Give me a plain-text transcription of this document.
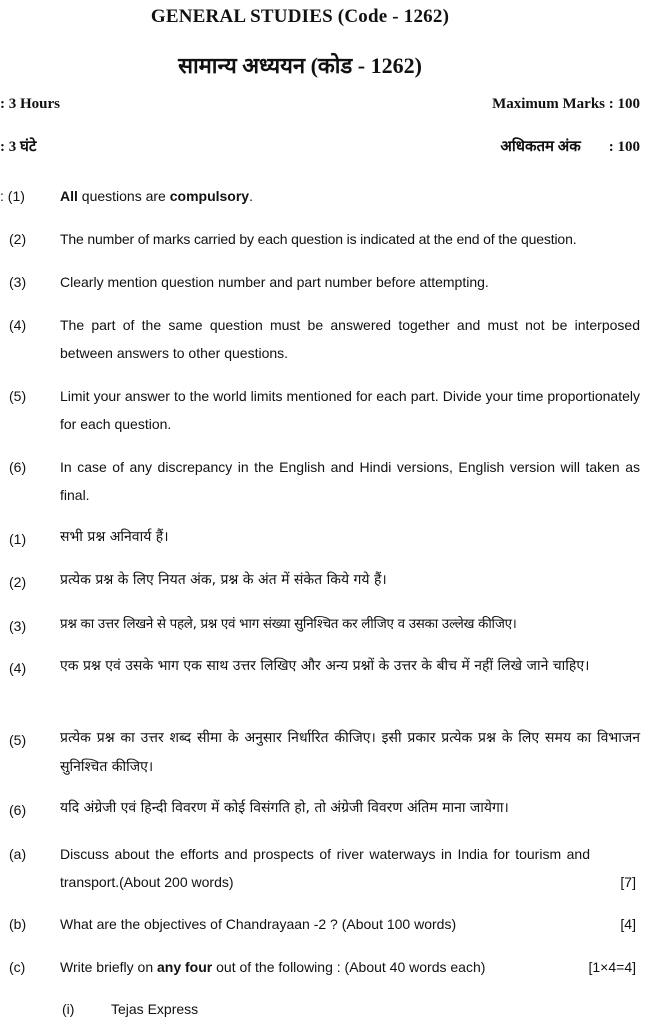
GENERAL STUDIES (Code - 1262)
सामान्य अध्ययन (कोड - 1262)
: 3 Hours	Maximum Marks : 100
: 3 घंटे	अधिकतम अंक : 100
: (1)	All questions are compulsory.
(2) The number of marks carried by each question is indicated at the end of the question.
(3) Clearly mention question number and part number before attempting.
(4) The part of the same question must be answered together and must not be interposed between answers to other questions.
(5) Limit your answer to the world limits mentioned for each part. Divide your time proportionately for each question.
(6) In case of any discrepancy in the English and Hindi versions, English version will taken as final.
(1) सभी प्रश्न अनिवार्य हैं।
(2) प्रत्येक प्रश्न के लिए नियत अंक, प्रश्न के अंत में संकेत किये गये हैं।
(3)	प्रश्न का उत्तर लिखने से पहले, प्रश्न एवं भाग संख्या सुनिश्चित कर लीजिए व उसका उल्लेख कीजिए।
(4) एक प्रश्न एवं उसके भाग एक साथ उत्तर लिखिए और अन्य प्रश्नों के उत्तर के बीच में नहीं लिखे जाने चाहिए।
(5) प्रत्येक प्रश्न का उत्तर शब्द सीमा के अनुसार निर्धारित कीजिए। इसी प्रकार प्रत्येक प्रश्न के लिए समय का विभाजन सुनिश्चित कीजिए।
(6) यदि अंग्रेजी एवं हिन्दी विवरण में कोई विसंगति हो, तो अंग्रेजी विवरण अंतिम माना जायेगा।
(a) Discuss about the efforts and prospects of river waterways in India for tourism and transport.(About 200 words)	[7]
(b) What are the objectives of Chandrayaan -2 ? (About 100 words)	[4]
(c) Write briefly on any four out of the following : (About 40 words each)	[1×4=4]
(i)	Tejas Express
